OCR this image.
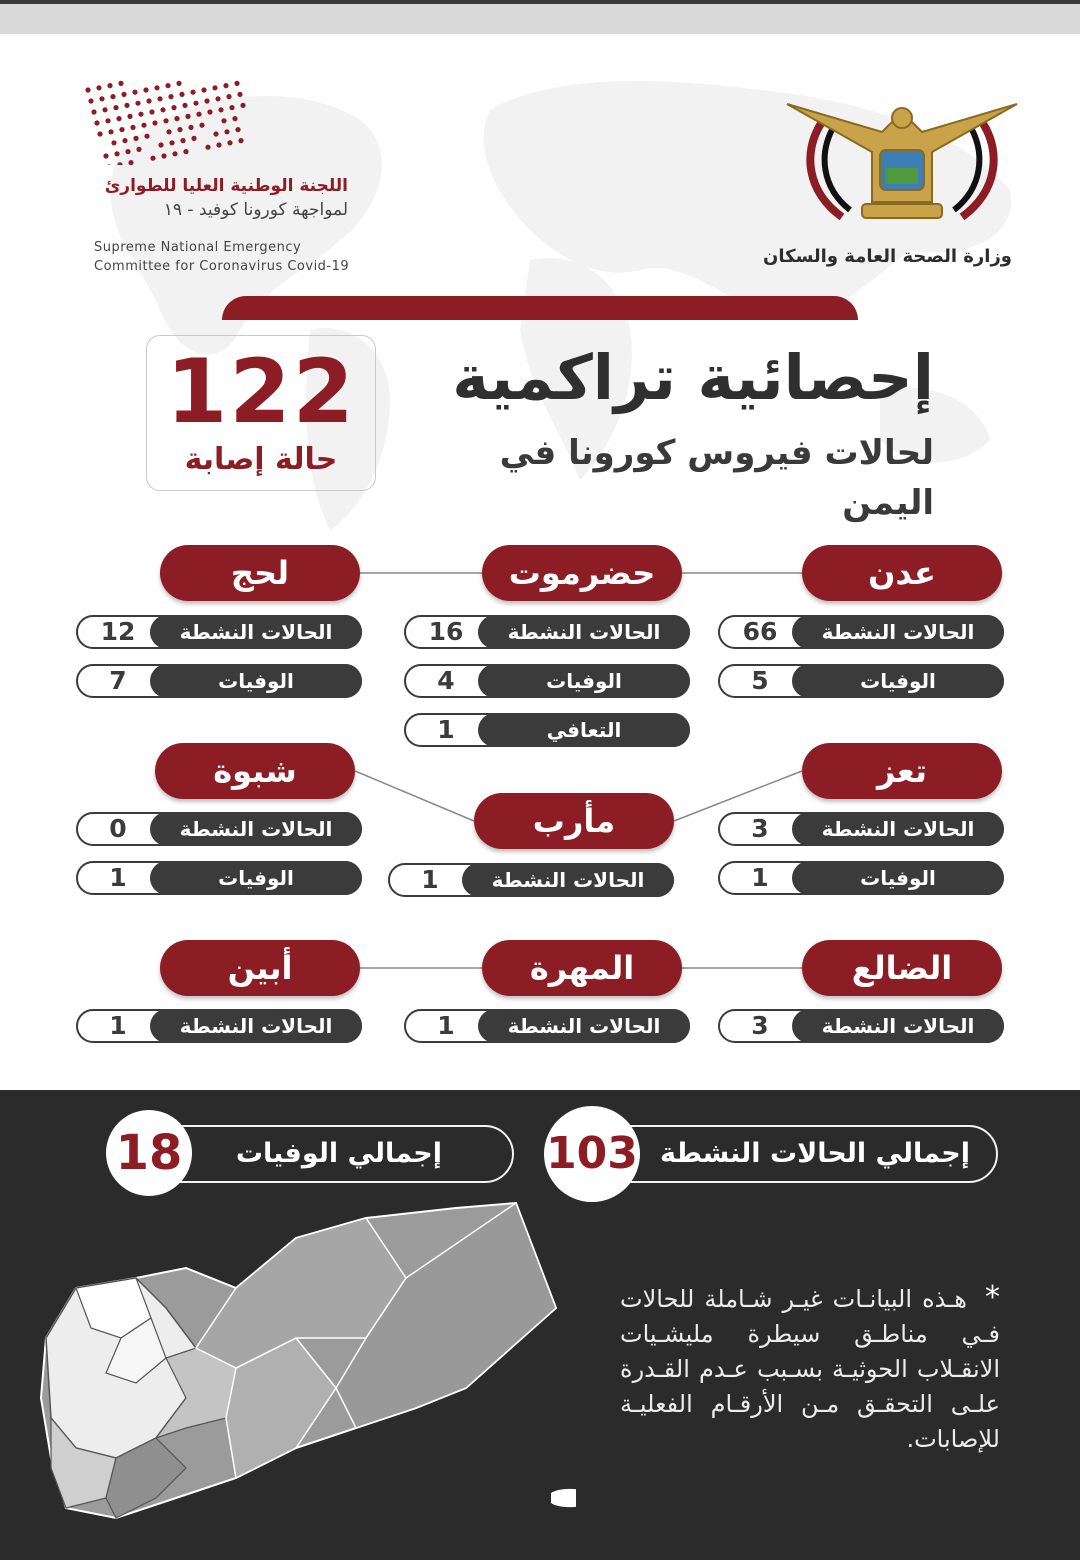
اللجنة الوطنية العليا للطوارئ
لمواجهة كورونا كوفيد - ١٩
Supreme National Emergency
Committee for Coronavirus Covid-19	وزارة الصحة العامة والسكان
122
حالة إصابة
إحصائية تراكمية
لحالات فيروس كورونا في اليمن
عدن
الحالات النشطة
66
الوفيات
5
حضرموت
الحالات النشطة
16
الوفيات
4
التعافي
1
لحج
الحالات النشطة
12
الوفيات
7
تعز
الحالات النشطة
3
الوفيات
1
مأرب
الحالات النشطة
1
شبوة
الحالات النشطة
0
الوفيات
1
الضالع
الحالات النشطة
3
المهرة
الحالات النشطة
1
أبين
الحالات النشطة
1
إجمالي الحالات النشطة
103
إجمالي الوفيات
18
* هـذه البيانـات غيـر شـاملة للحالات فـي مناطـق سيطرة مليشـيات الانقـلاب الحوثيـة بسـبب عـدم القـدرة علـى التحقـق مـن الأرقـام الفعليـة للإصابات.
